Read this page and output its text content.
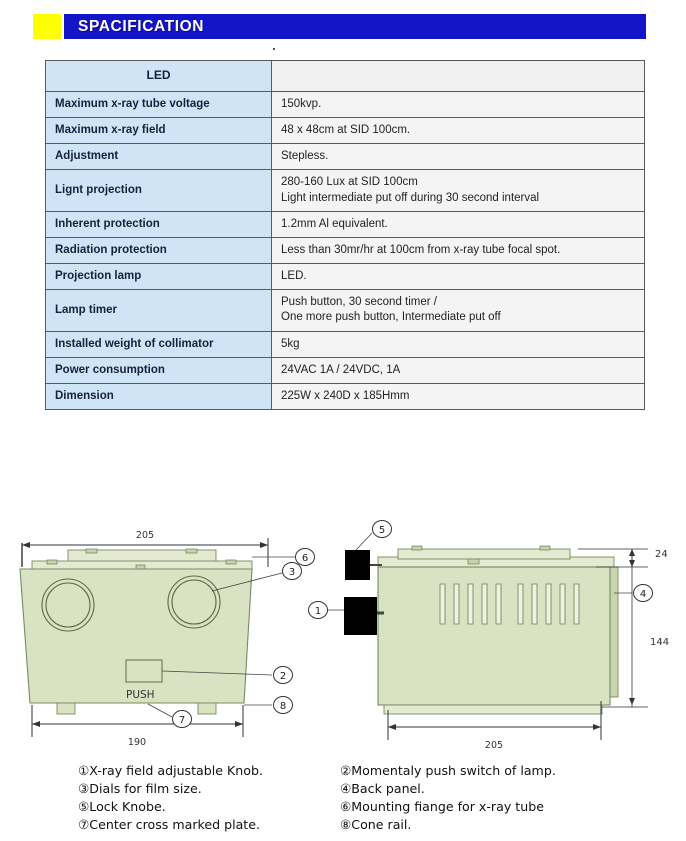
SPACIFICATION
LED	
Maximum x-ray tube voltage	150kvp.
Maximum x-ray field	48 x 48cm at SID 100cm.
Adjustment	Stepless.
Lignt projection	280-160 Lux at SID 100cm
Light intermediate put off during 30 second interval

Inherent protection	1.2mm Al equivalent.
Radiation protection	Less than 30mr/hr at 100cm from x-ray tube focal spot.
Projection lamp	LED.
Lamp timer	Push button, 30 second timer /
One more push button, Intermediate put off

Installed weight of collimator	5kg
Power consumption	24VAC 1A / 24VDC, 1A
Dimension	225W x 240D x 185Hmm
205
PUSH
190
6
3
1
2
8
7
5
4
24
144
205
①X-ray field adjustable Knob.
③Dials for film size.
⑤Lock Knobe.
⑦Center cross marked plate.
②Momentaly push switch of lamp.
④Back panel.
⑥Mounting fiange for x-ray tube
⑧Cone rail.
